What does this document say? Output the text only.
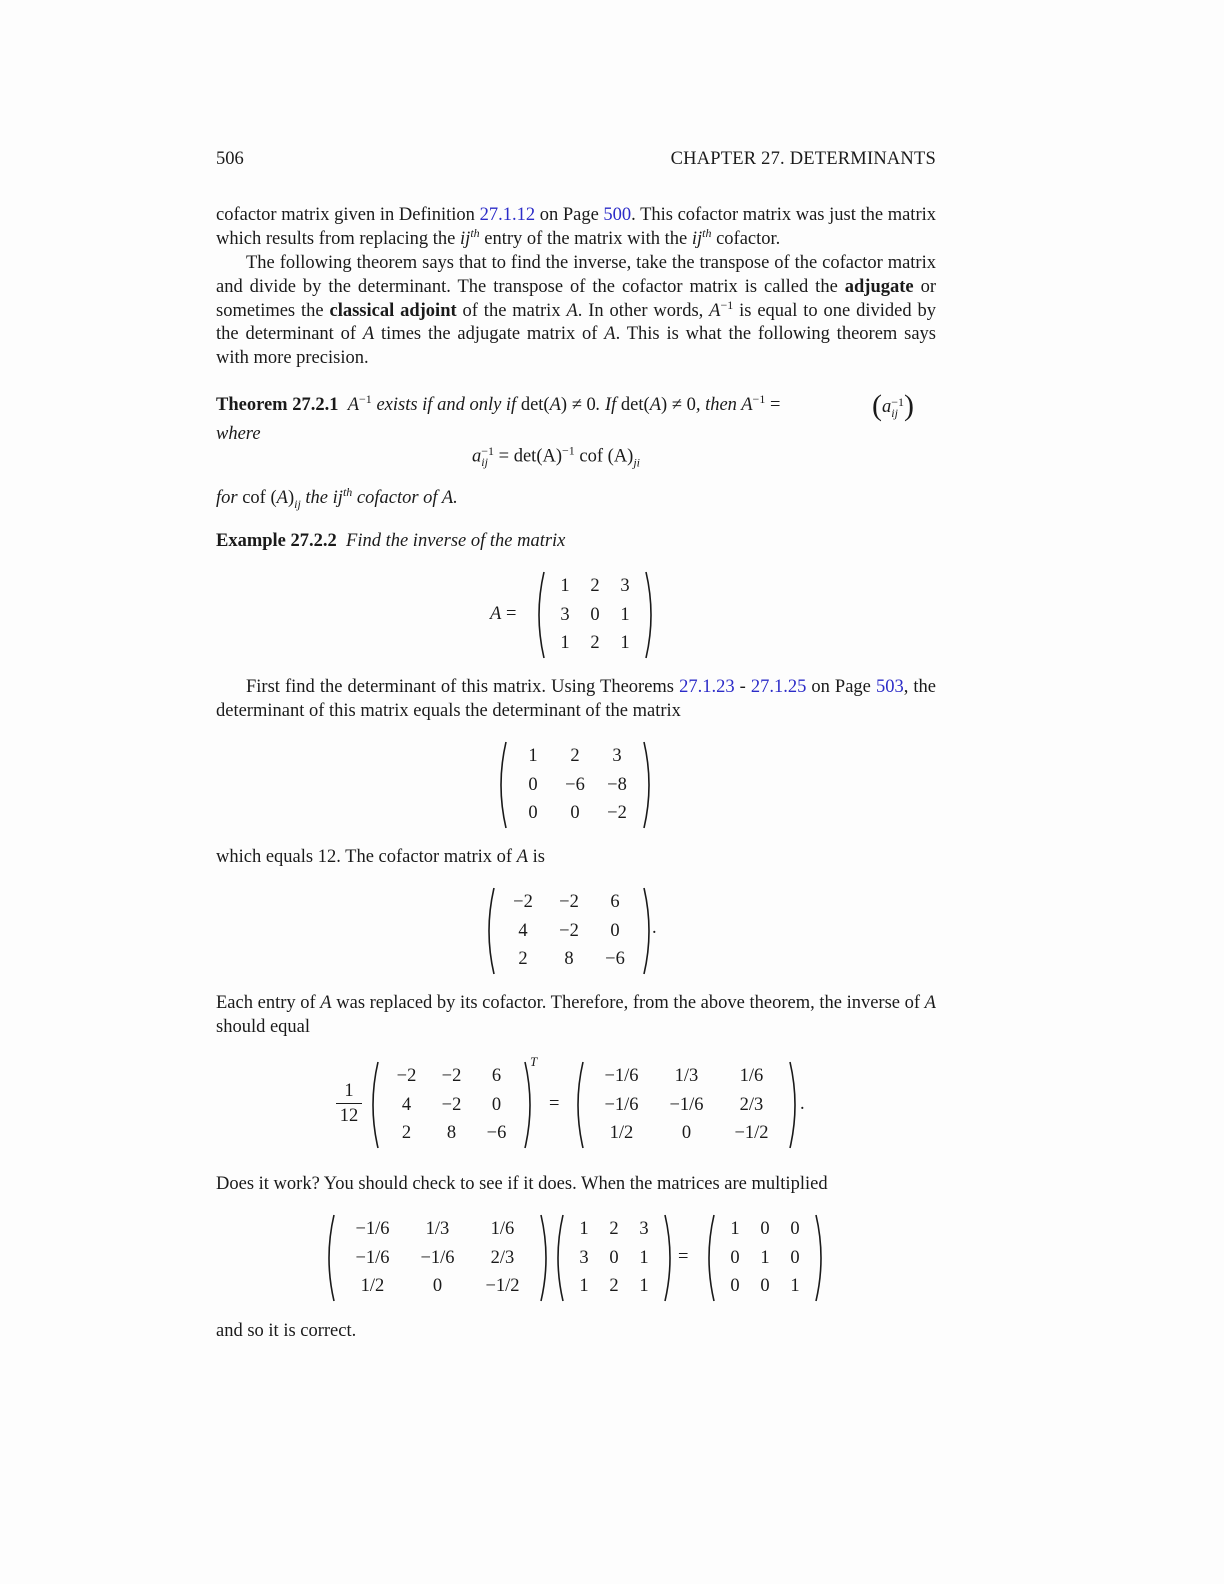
506	CHAPTER 27. DETERMINANTS
cofactor matrix given in Definition 27.1.12 on Page 500. This cofactor matrix was just the matrix which results from replacing the $ij^{th}$ entry of the matrix with the $ij^{th}$ cofactor.
The following theorem says that to find the inverse, take the transpose of the cofactor matrix and divide by the determinant. The transpose of the cofactor matrix is called the adjugate or sometimes the classical adjoint of the matrix A. In other words, $A^{-1}$ is equal to one divided by the determinant of A times the adjugate matrix of A. This is what the following theorem says with more precision.
Theorem 27.2.1 $A^{-1}$ exists if and only if det(A) ≠ 0. If det(A) ≠ 0, then $A^{-1}$ =	(a −1
ij )
where
a −1
ij = $\det(A)^{-1}$ cof $(A)_{ji}$
for cof $(A)_{ij}$ the $ij^{th}$ cofactor of A.
Example 27.2.2 Find the inverse of the matrix
A =
1	2	3
3	0	1
1	2	1
First find the determinant of this matrix. Using Theorems 27.1.23 - 27.1.25 on Page 503, the determinant of this matrix equals the determinant of the matrix
1	2	3
0	−6	−8
0	0	−2
which equals 12. The cofactor matrix of A is
−2	−2	6
4	−2	0
2	8	−6
.
Each entry of A was replaced by its cofactor. Therefore, from the above theorem, the inverse of A should equal
1
12
−2	−2	6
4	−2	0
2	8	−6
T
=
−1/6	1/3	1/6
−1/6	−1/6	2/3
1/2	0	−1/2
.
Does it work? You should check to see if it does. When the matrices are multiplied
−1/6	1/3	1/6
−1/6	−1/6	2/3
1/2	0	−1/2
1	2	3
3	0	1
1	2	1
=
1	0	0
0	1	0
0	0	1
and so it is correct.
